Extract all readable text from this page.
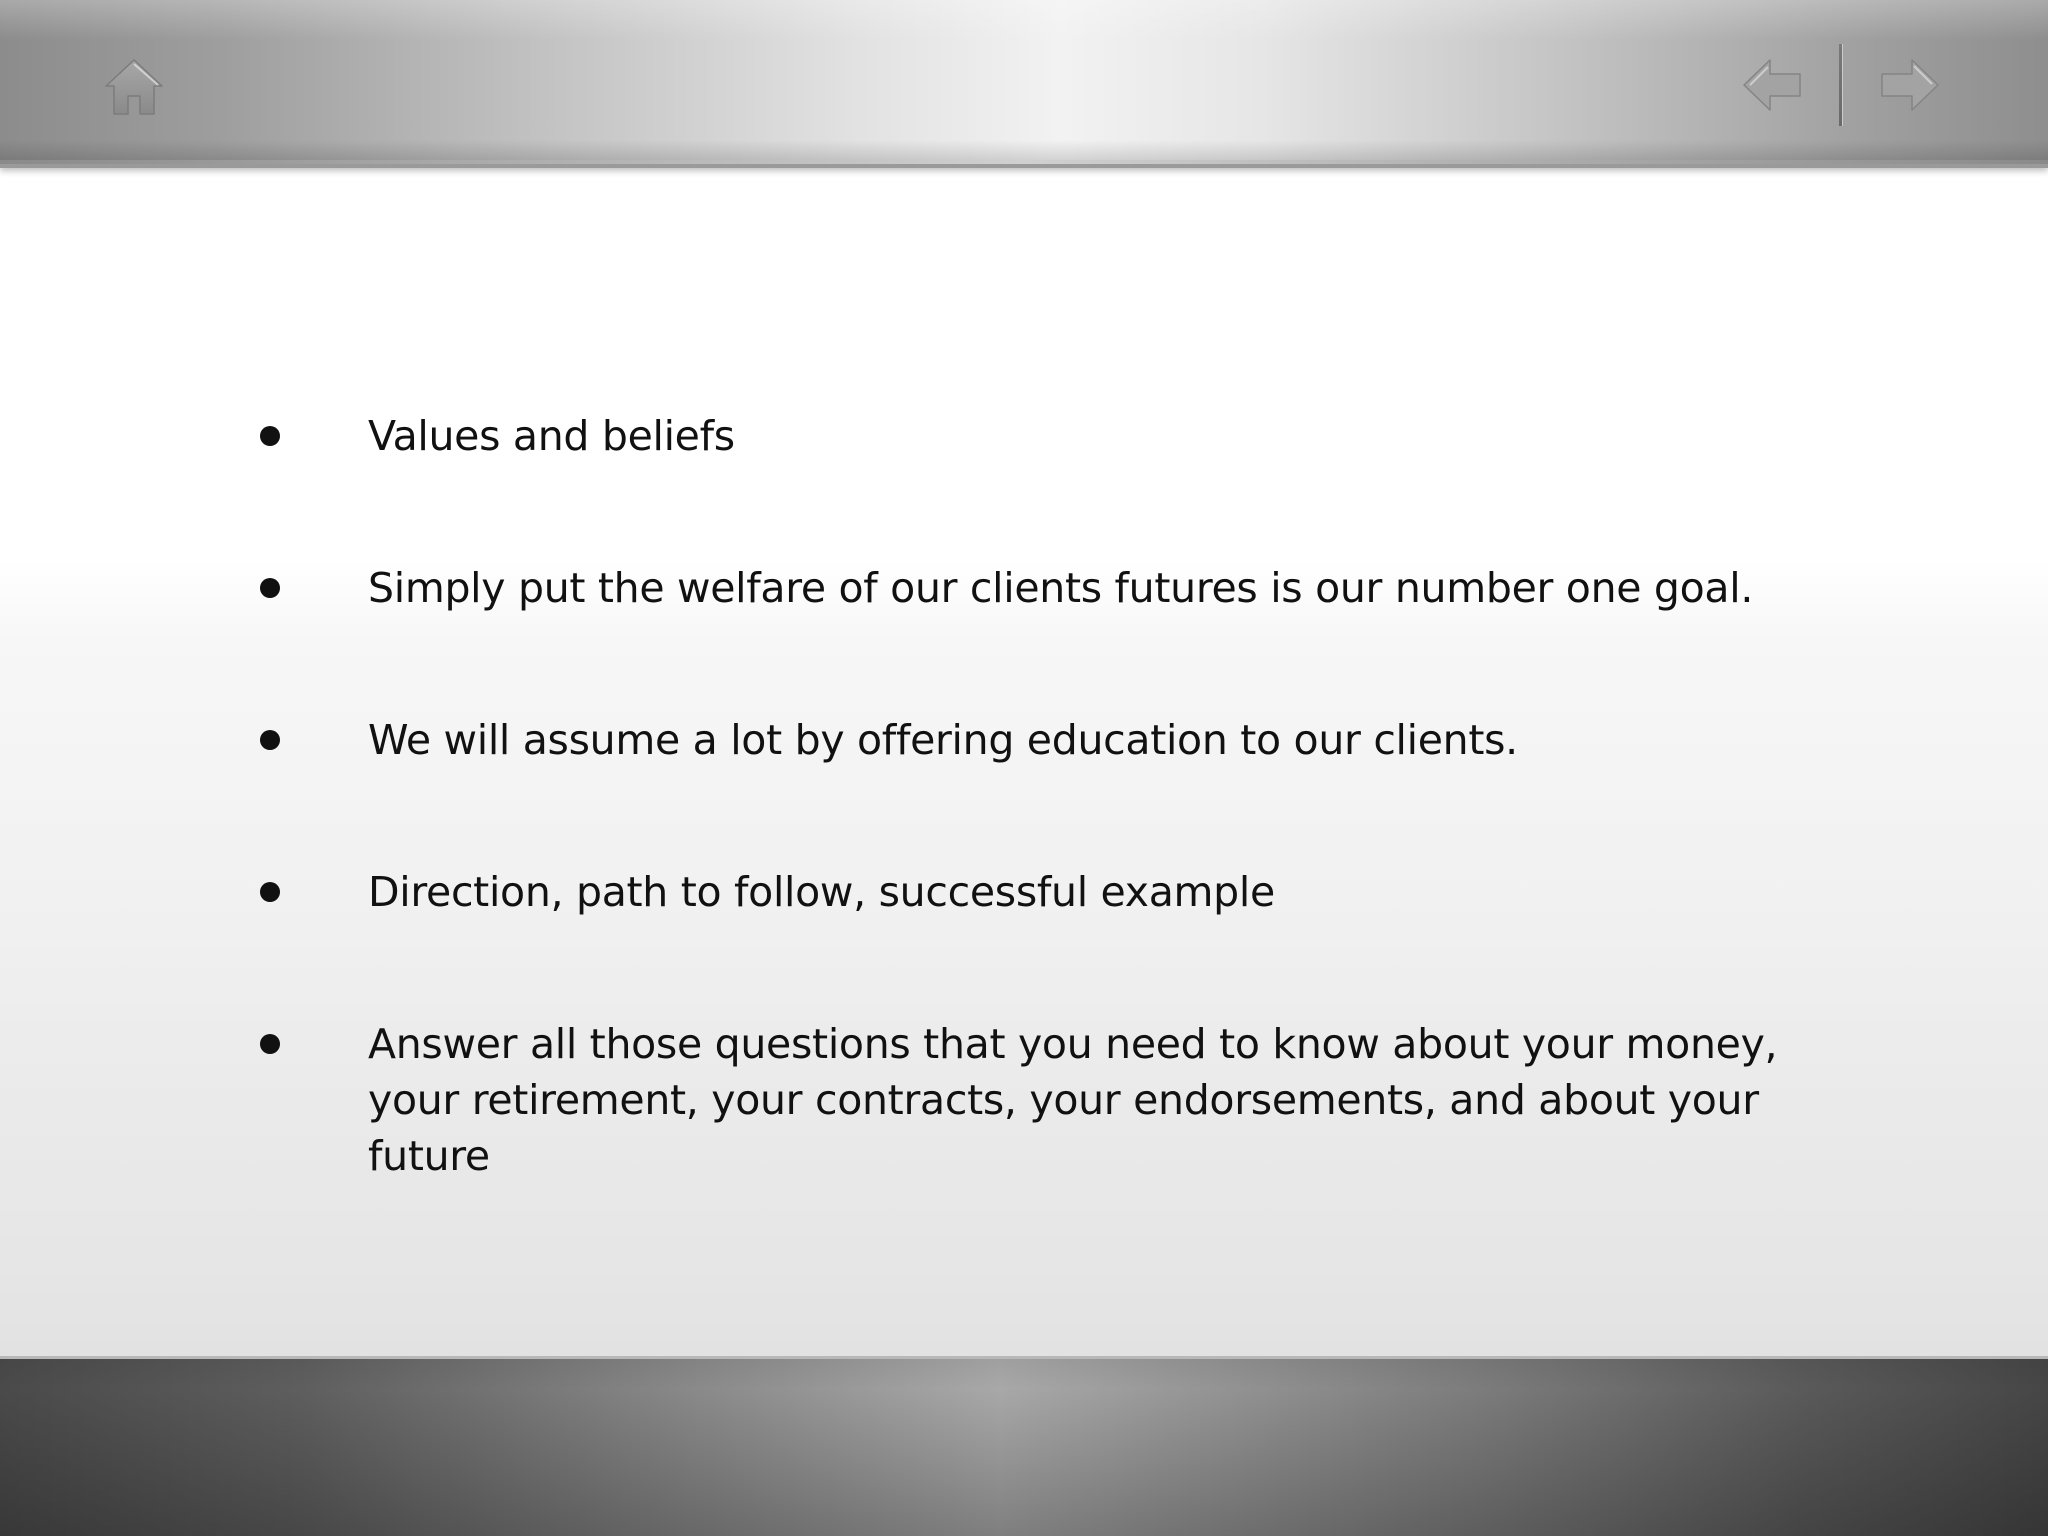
Values and beliefs
Simply put the welfare of our clients futures is our number one goal.
We will assume a lot by offering education to our clients.
Direction, path to follow, successful example
Answer all those questions that you need to know about your money, your retirement, your contracts, your endorsements, and about your future
